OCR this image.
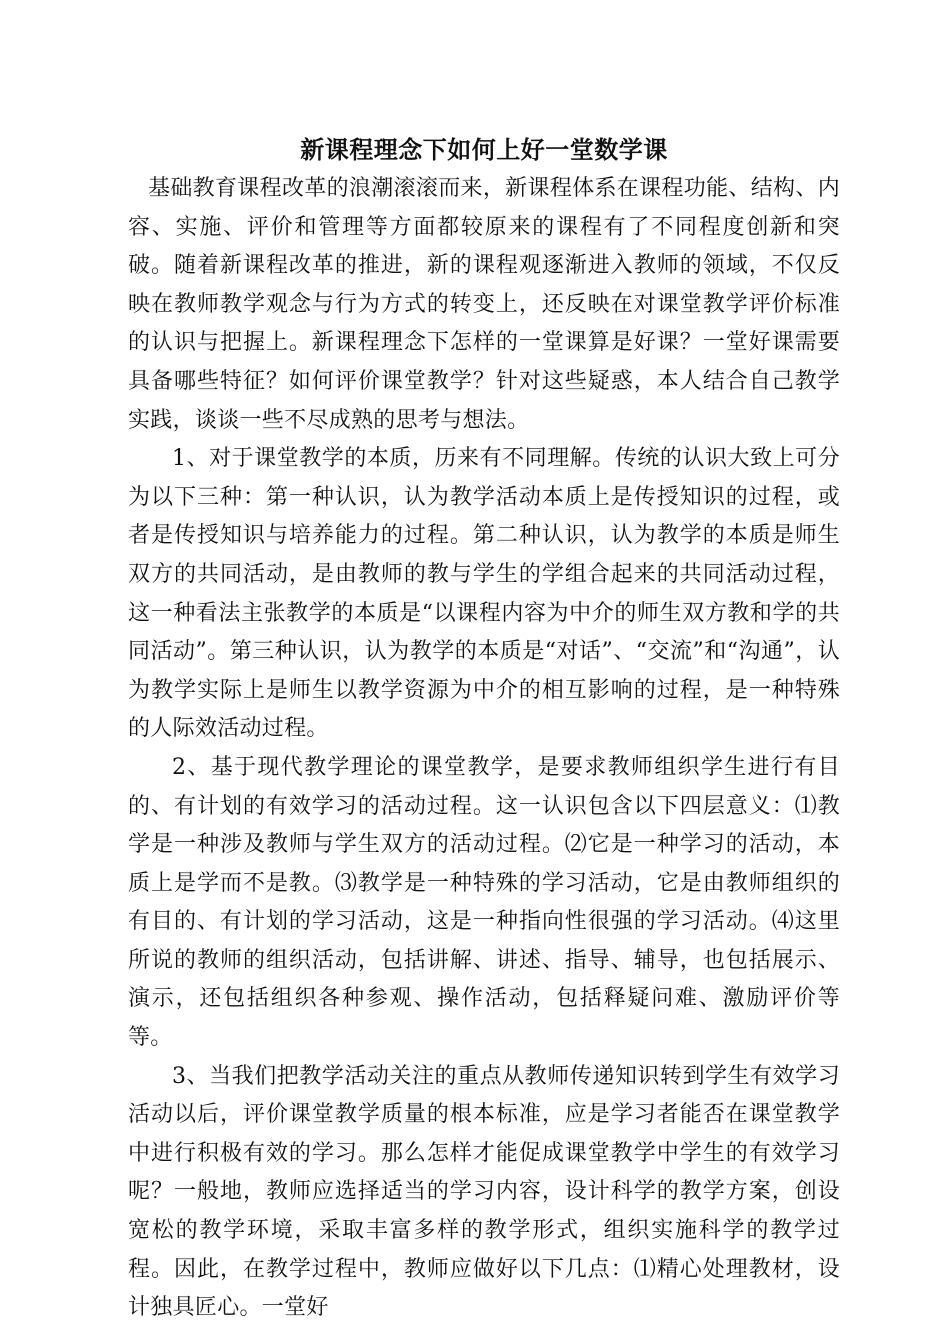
新课程理念下如何上好一堂数学课

基础教育课程改革的浪潮滚滚而来，新课程体系在课程功能、结构、内容、实施、评价和管理等方面都较原来的课程有了不同程度创新和突破。随着新课程改革的推进，新的课程观逐渐进入教师的领域，不仅反映在教师教学观念与行为方式的转变上，还反映在对课堂教学评价标准的认识与把握上。新课程理念下怎样的一堂课算是好课？一堂好课需要具备哪些特征？如何评价课堂教学？针对这些疑惑，本人结合自己教学实践，谈谈一些不尽成熟的思考与想法。

1、对于课堂教学的本质，历来有不同理解。传统的认识大致上可分为以下三种：第一种认识，认为教学活动本质上是传授知识的过程，或者是传授知识与培养能力的过程。第二种认识，认为教学的本质是师生双方的共同活动，是由教师的教与学生的学组合起来的共同活动过程，这一种看法主张教学的本质是“以课程内容为中介的师生双方教和学的共同活动”。第三种认识，认为教学的本质是“对话”、“交流”和“沟通”，认为教学实际上是师生以教学资源为中介的相互影响的过程，是一种特殊的人际效活动过程。

2、基于现代教学理论的课堂教学，是要求教师组织学生进行有目的、有计划的有效学习的活动过程。这一认识包含以下四层意义：⑴教学是一种涉及教师与学生双方的活动过程。⑵它是一种学习的活动，本质上是学而不是教。⑶教学是一种特殊的学习活动，它是由教师组织的有目的、有计划的学习活动，这是一种指向性很强的学习活动。⑷这里所说的教师的组织活动，包括讲解、讲述、指导、辅导，也包括展示、演示，还包括组织各种参观、操作活动，包括释疑问难、激励评价等等。

3、当我们把教学活动关注的重点从教师传递知识转到学生有效学习活动以后，评价课堂教学质量的根本标准，应是学习者能否在课堂教学中进行积极有效的学习。那么怎样才能促成课堂教学中学生的有效学习呢？一般地，教师应选择适当的学习内容，设计科学的教学方案，创设宽松的教学环境，采取丰富多样的教学形式，组织实施科学的教学过程。因此，在教学过程中，教师应做好以下几点：⑴精心处理教材，设计独具匠心。一堂好
